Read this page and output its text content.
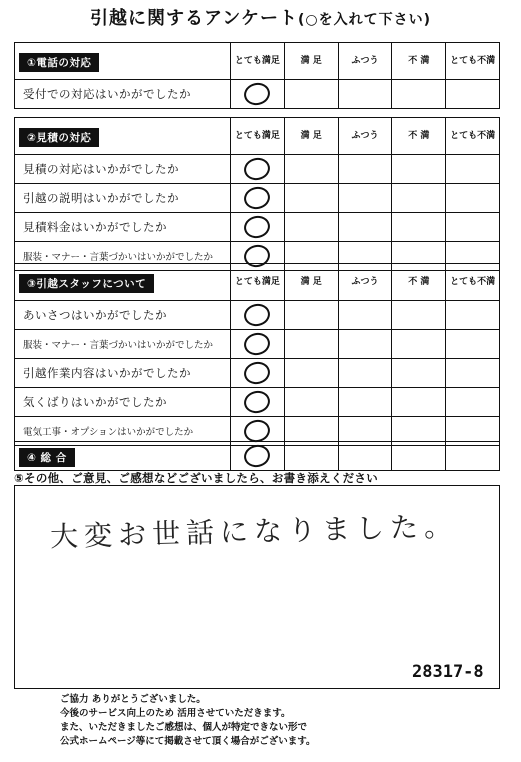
引越に関するアンケート(○を入れて下さい)
①電話の対応	とても満足	満 足	ふつう	不 満	とても不満
受付での対応はいかがでしたか	

②見積の対応	とても満足	満 足	ふつう	不 満	とても不満
見積の対応はいかがでしたか	

引越の説明はいかがでしたか	

見積料金はいかがでしたか	

服装・マナー・言葉づかいはいかがでしたか	

③引越スタッフについて	とても満足	満 足	ふつう	不 満	とても不満
あいさつはいかがでしたか	

服装・マナー・言葉づかいはいかがでしたか	

引越作業内容はいかがでしたか	

気くばりはいかがでしたか	

電気工事・オプションはいかがでしたか	

④ 総 合	

⑤その他、ご意見、ご感想などございましたら、お書き添えください
大変お世話になりました。
28317-8
ご協力 ありがとうございました。
今後のサービス向上のため 活用させていただきます。
また、いただきましたご感想は、個人が特定できない形で
公式ホームページ等にて掲載させて頂く場合がございます。
